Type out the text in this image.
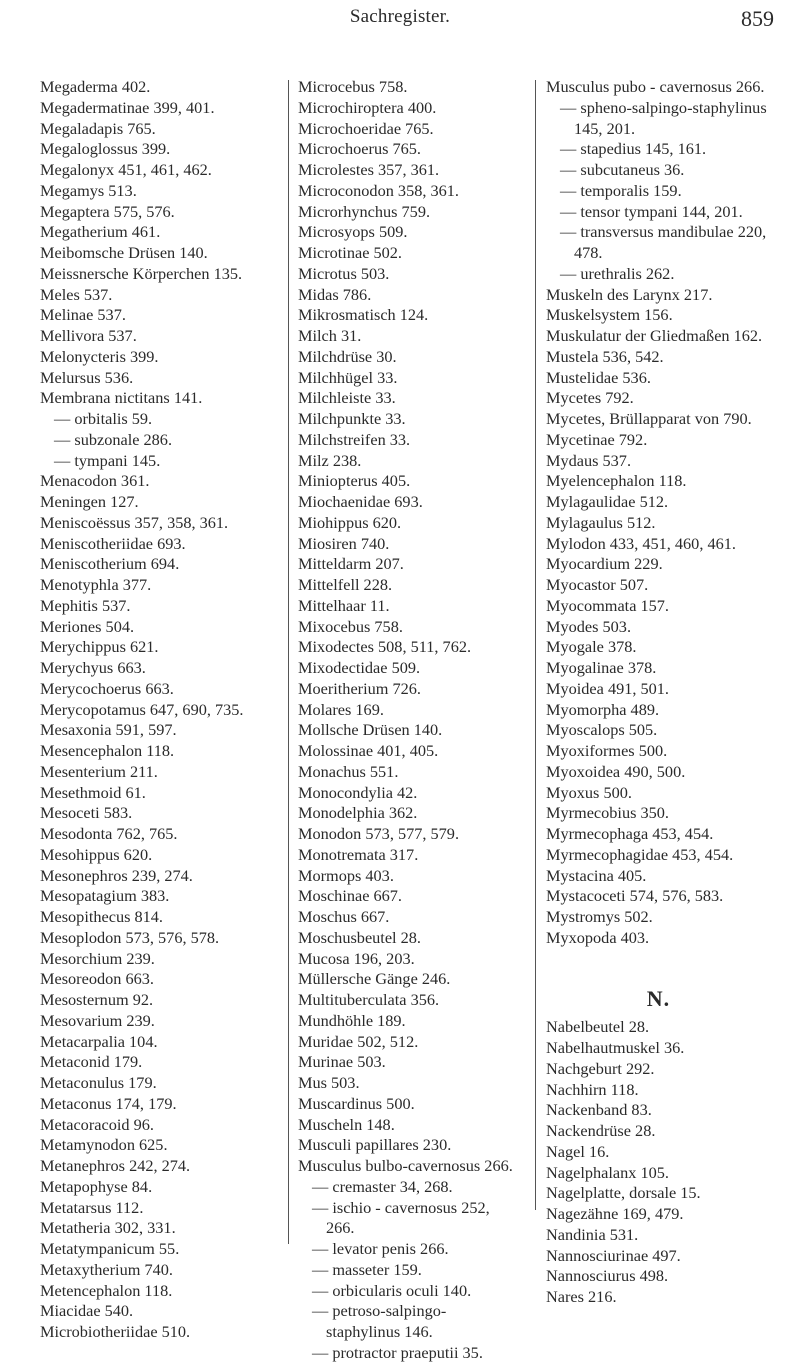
Sachregister.	859
Megaderma 402.
Megadermatinae 399, 401.
Megaladapis 765.
Megaloglossus 399.
Megalonyx 451, 461, 462.
Megamys 513.
Megaptera 575, 576.
Megatherium 461.
Meibomsche Drüsen 140.
Meissnersche Körperchen 135.
Meles 537.
Melinae 537.
Mellivora 537.
Melonycteris 399.
Melursus 536.
Membrana nictitans 141.
— orbitalis 59.
— subzonale 286.
— tympani 145.
Menacodon 361.
Meningen 127.
Meniscoëssus 357, 358, 361.
Meniscotheriidae 693.
Meniscotherium 694.
Menotyphla 377.
Mephitis 537.
Meriones 504.
Merychippus 621.
Merychyus 663.
Merycochoerus 663.
Merycopotamus 647, 690, 735.
Mesaxonia 591, 597.
Mesencephalon 118.
Mesenterium 211.
Mesethmoid 61.
Mesoceti 583.
Mesodonta 762, 765.
Mesohippus 620.
Mesonephros 239, 274.
Mesopatagium 383.
Mesopithecus 814.
Mesoplodon 573, 576, 578.
Mesorchium 239.
Mesoreodon 663.
Mesosternum 92.
Mesovarium 239.
Metacarpalia 104.
Metaconid 179.
Metaconulus 179.
Metaconus 174, 179.
Metacoracoid 96.
Metamynodon 625.
Metanephros 242, 274.
Metapophyse 84.
Metatarsus 112.
Metatheria 302, 331.
Metatympanicum 55.
Metaxytherium 740.
Metencephalon 118.
Miacidae 540.
Microbiotheriidae 510.
Microcebus 758.
Microchiroptera 400.
Microchoeridae 765.
Microchoerus 765.
Microlestes 357, 361.
Microconodon 358, 361.
Microrhynchus 759.
Microsyops 509.
Microtinae 502.
Microtus 503.
Midas 786.
Mikrosmatisch 124.
Milch 31.
Milchdrüse 30.
Milchhügel 33.
Milchleiste 33.
Milchpunkte 33.
Milchstreifen 33.
Milz 238.
Miniopterus 405.
Miochaenidae 693.
Miohippus 620.
Miosiren 740.
Mitteldarm 207.
Mittelfell 228.
Mittelhaar 11.
Mixocebus 758.
Mixodectes 508, 511, 762.
Mixodectidae 509.
Moeritherium 726.
Molares 169.
Mollsche Drüsen 140.
Molossinae 401, 405.
Monachus 551.
Monocondylia 42.
Monodelphia 362.
Monodon 573, 577, 579.
Monotremata 317.
Mormops 403.
Moschinae 667.
Moschus 667.
Moschusbeutel 28.
Mucosa 196, 203.
Müllersche Gänge 246.
Multituberculata 356.
Mundhöhle 189.
Muridae 502, 512.
Murinae 503.
Mus 503.
Muscardinus 500.
Muscheln 148.
Musculi papillares 230.
Musculus bulbo-cavernosus 266.
— cremaster 34, 268.
— ischio - cavernosus 252, 266.
— levator penis 266.
— masseter 159.
— orbicularis oculi 140.
— petroso-salpingo-staphylinus 146.
— protractor praeputii 35.
Musculus pubo - cavernosus 266.
— spheno-salpingo-staphylinus 145, 201.
— stapedius 145, 161.
— subcutaneus 36.
— temporalis 159.
— tensor tympani 144, 201.
— transversus mandibulae 220, 478.
— urethralis 262.
Muskeln des Larynx 217.
Muskelsystem 156.
Muskulatur der Gliedmaßen 162.
Mustela 536, 542.
Mustelidae 536.
Mycetes 792.
Mycetes, Brüllapparat von 790.
Mycetinae 792.
Mydaus 537.
Myelencephalon 118.
Mylagaulidae 512.
Mylagaulus 512.
Mylodon 433, 451, 460, 461.
Myocardium 229.
Myocastor 507.
Myocommata 157.
Myodes 503.
Myogale 378.
Myogalinae 378.
Myoidea 491, 501.
Myomorpha 489.
Myoscalops 505.
Myoxiformes 500.
Myoxoidea 490, 500.
Myoxus 500.
Myrmecobius 350.
Myrmecophaga 453, 454.
Myrmecophagidae 453, 454.
Mystacina 405.
Mystacoceti 574, 576, 583.
Mystromys 502.
Myxopoda 403.
N.
Nabelbeutel 28.
Nabelhautmuskel 36.
Nachgeburt 292.
Nachhirn 118.
Nackenband 83.
Nackendrüse 28.
Nagel 16.
Nagelphalanx 105.
Nagelplatte, dorsale 15.
Nagezähne 169, 479.
Nandinia 531.
Nannosciurinae 497.
Nannosciurus 498.
Nares 216.
